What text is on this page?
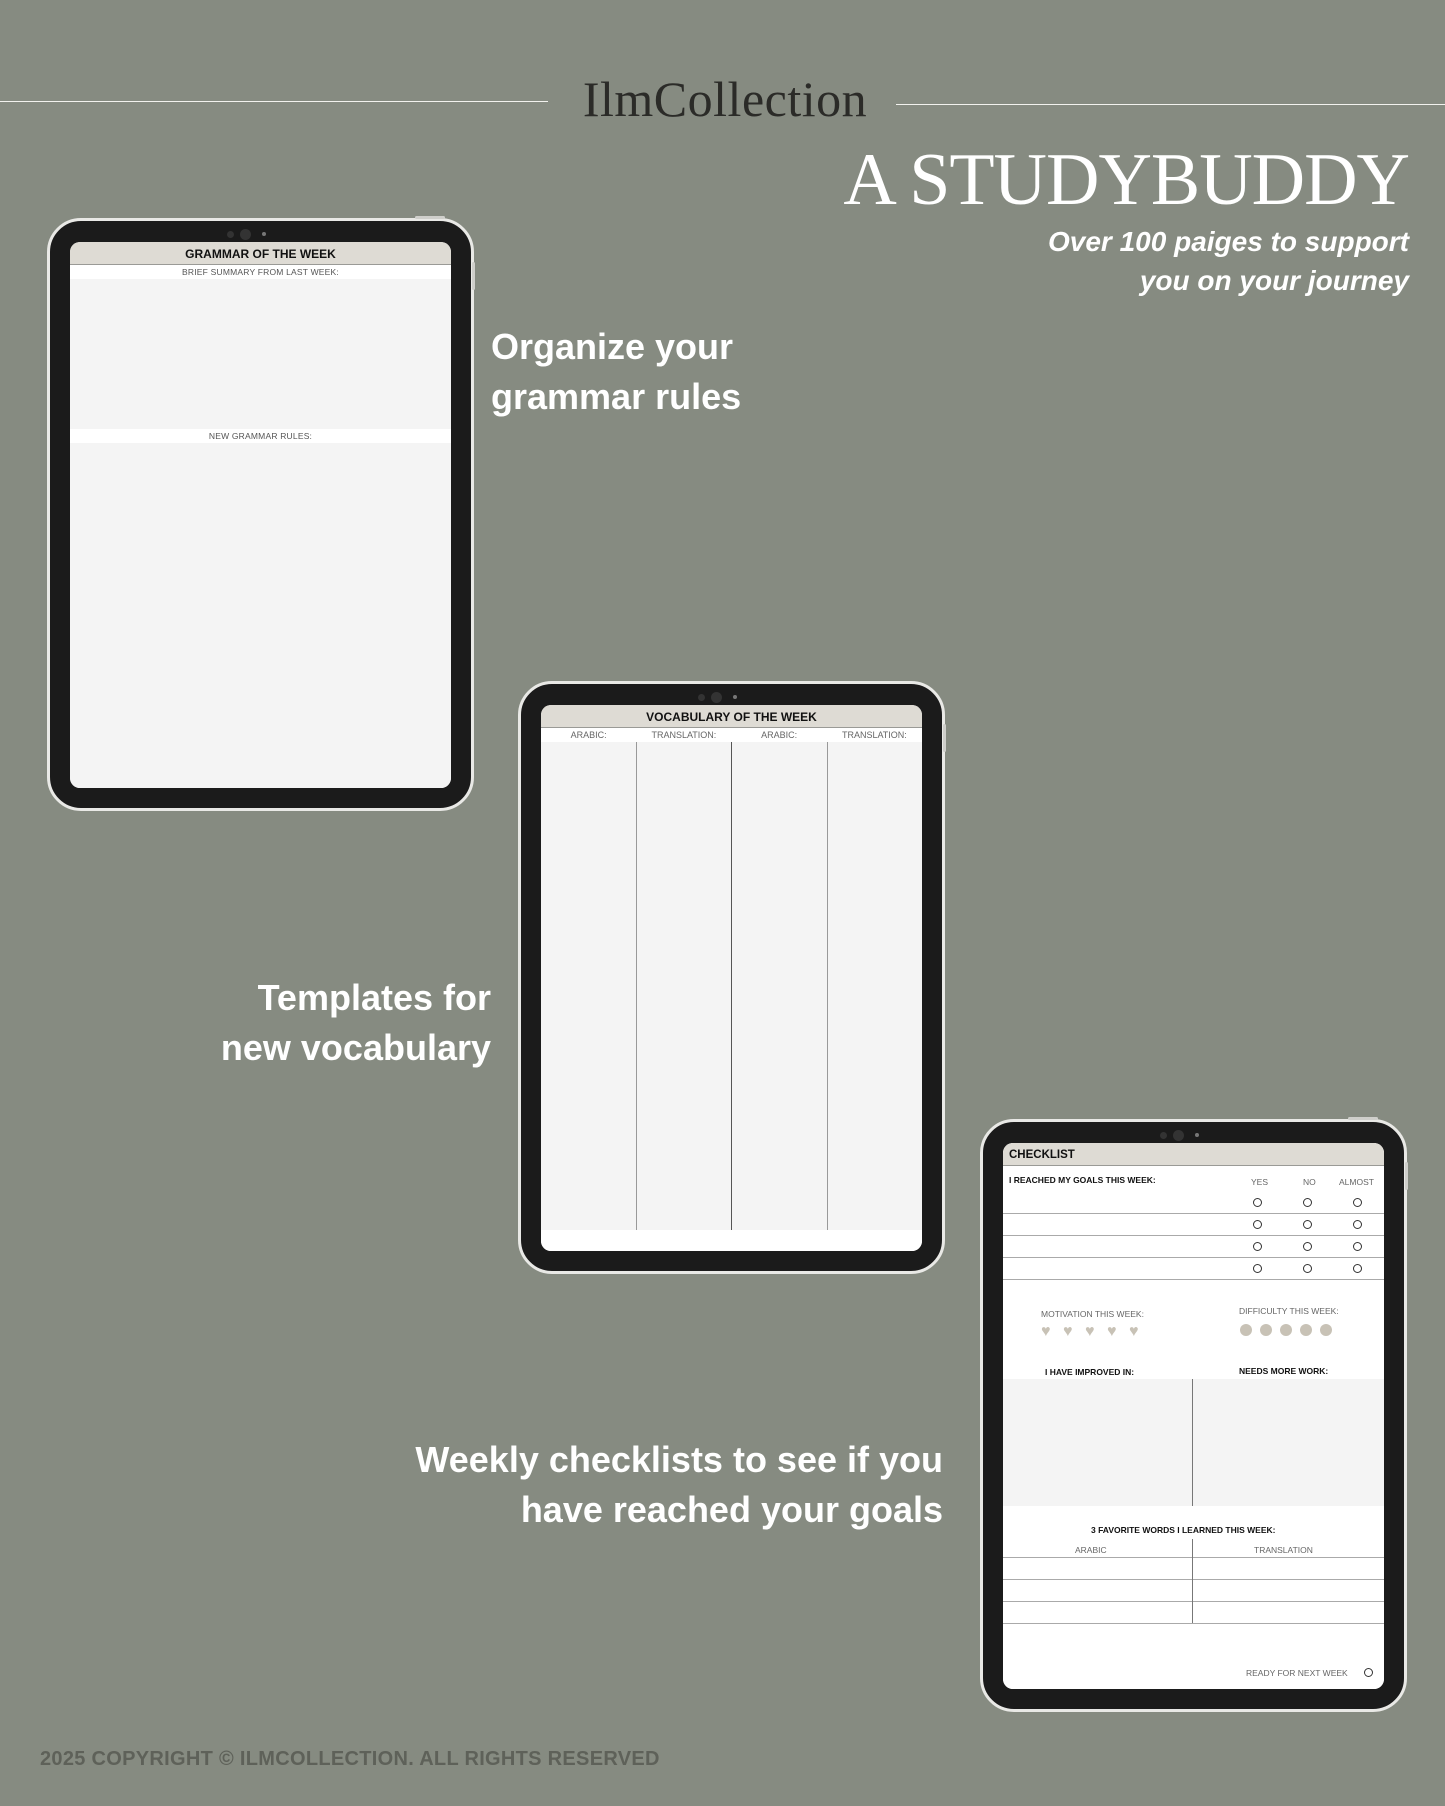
IlmCollection
A STUDYBUDDY
Over 100 paiges to support
you on your journey
GRAMMAR OF THE WEEK
BRIEF SUMMARY FROM LAST WEEK:
NEW GRAMMAR RULES:
VOCABULARY OF THE WEEK
ARABIC:	TRANSLATION:	ARABIC:	TRANSLATION:
CHECKLIST
I REACHED MY GOALS THIS WEEK:	YES	NO	ALMOST
MOTIVATION THIS WEEK:	DIFFICULTY THIS WEEK:
♥ ♥ ♥ ♥ ♥
I HAVE IMPROVED IN:	NEEDS MORE WORK:
3 FAVORITE WORDS I LEARNED THIS WEEK:
ARABIC	TRANSLATION
READY FOR NEXT WEEK
Organize your
grammar rules
Templates for
new vocabulary
Weekly checklists to see if you
have reached your goals
2025 COPYRIGHT © ILMCOLLECTION. ALL RIGHTS RESERVED
